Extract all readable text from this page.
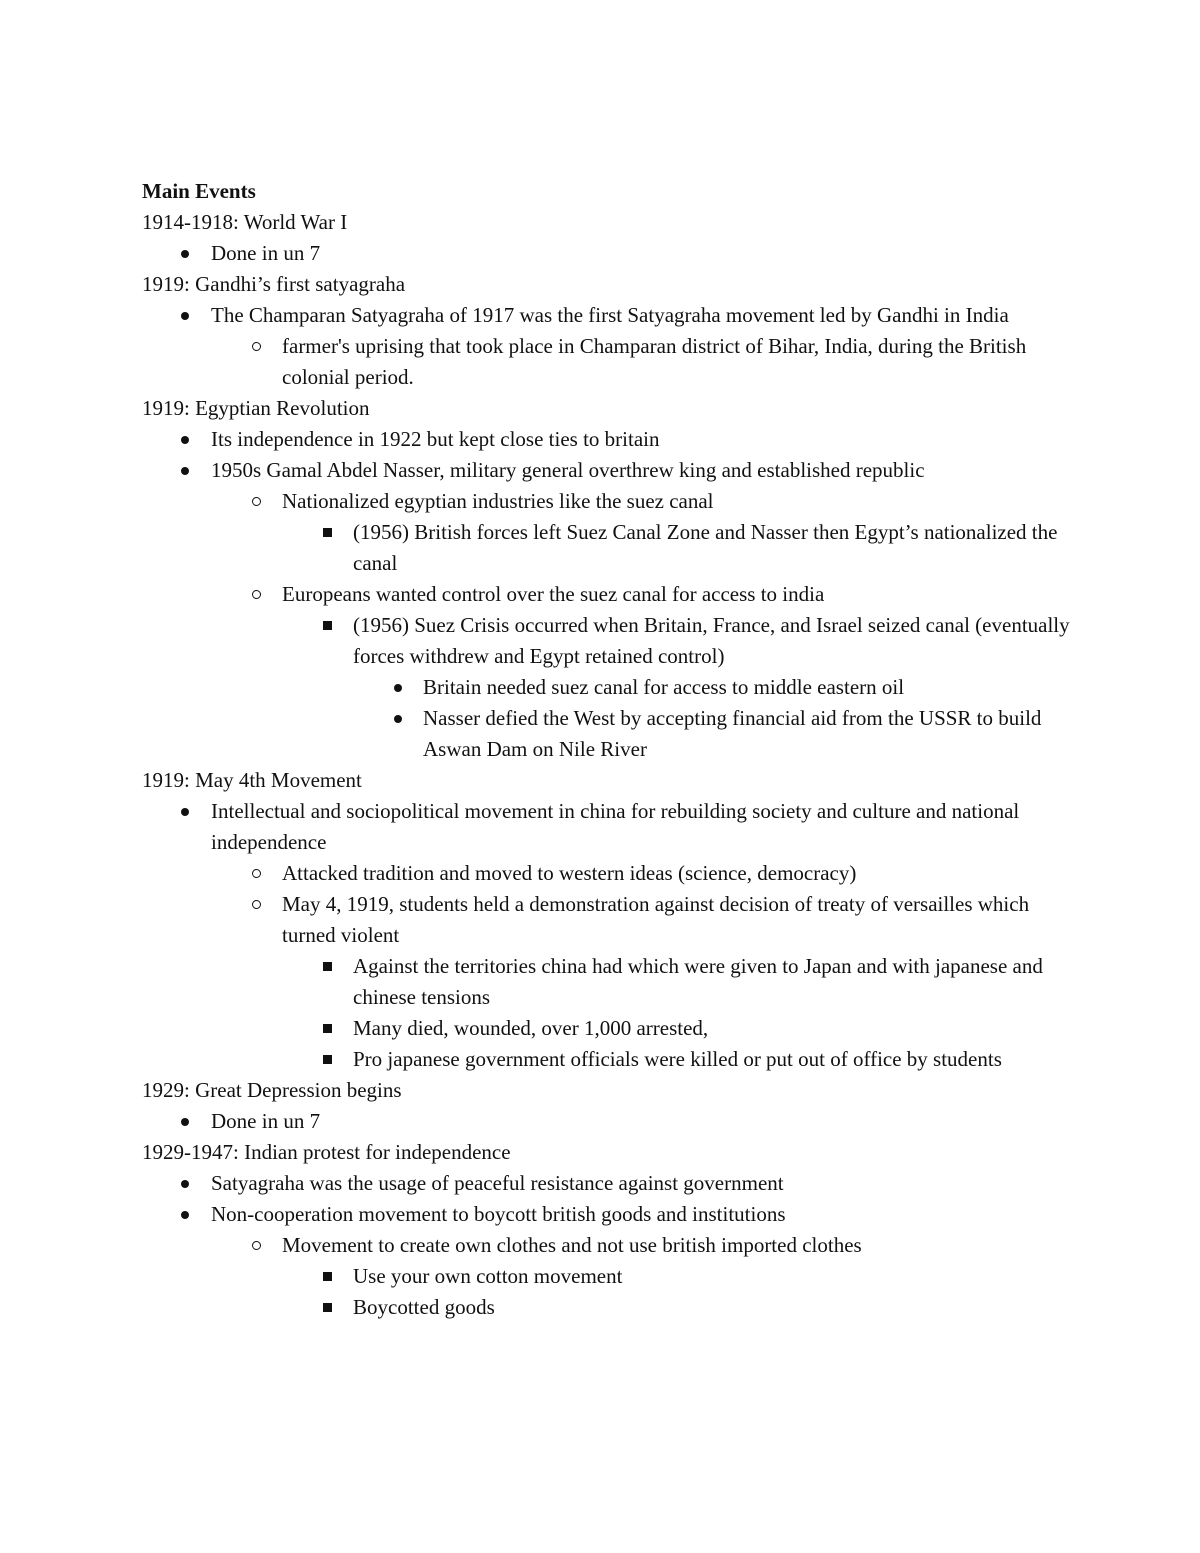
Main Events

1914-1918: World War I

Done in un 7

1919: Gandhi’s first satyagraha

The Champaran Satyagraha of 1917 was the first Satyagraha movement led by Gandhi in India
farmer's uprising that took place in Champaran district of Bihar, India, during the British colonial period.

1919: Egyptian Revolution

Its independence in 1922 but kept close ties to britain
1950s Gamal Abdel Nasser, military general overthrew king and established republic
Nationalized egyptian industries like the suez canal
(1956) British forces left Suez Canal Zone and Nasser then Egypt’s nationalized the canal
Europeans wanted control over the suez canal for access to india
(1956) Suez Crisis occurred when Britain, France, and Israel seized canal (eventually forces withdrew and Egypt retained control)
Britain needed suez canal for access to middle eastern oil
Nasser defied the West by accepting financial aid from the USSR to build Aswan Dam on Nile River

1919: May 4th Movement

Intellectual and sociopolitical movement in china for rebuilding society and culture and national independence
Attacked tradition and moved to western ideas (science, democracy)
May 4, 1919, students held a demonstration against decision of treaty of versailles which turned violent
Against the territories china had which were given to Japan and with japanese and chinese tensions
Many died, wounded, over 1,000 arrested,
Pro japanese government officials were killed or put out of office by students

1929: Great Depression begins

Done in un 7

1929-1947: Indian protest for independence

Satyagraha was the usage of peaceful resistance against government
Non-cooperation movement to boycott british goods and institutions
Movement to create own clothes and not use british imported clothes
Use your own cotton movement
Boycotted goods
